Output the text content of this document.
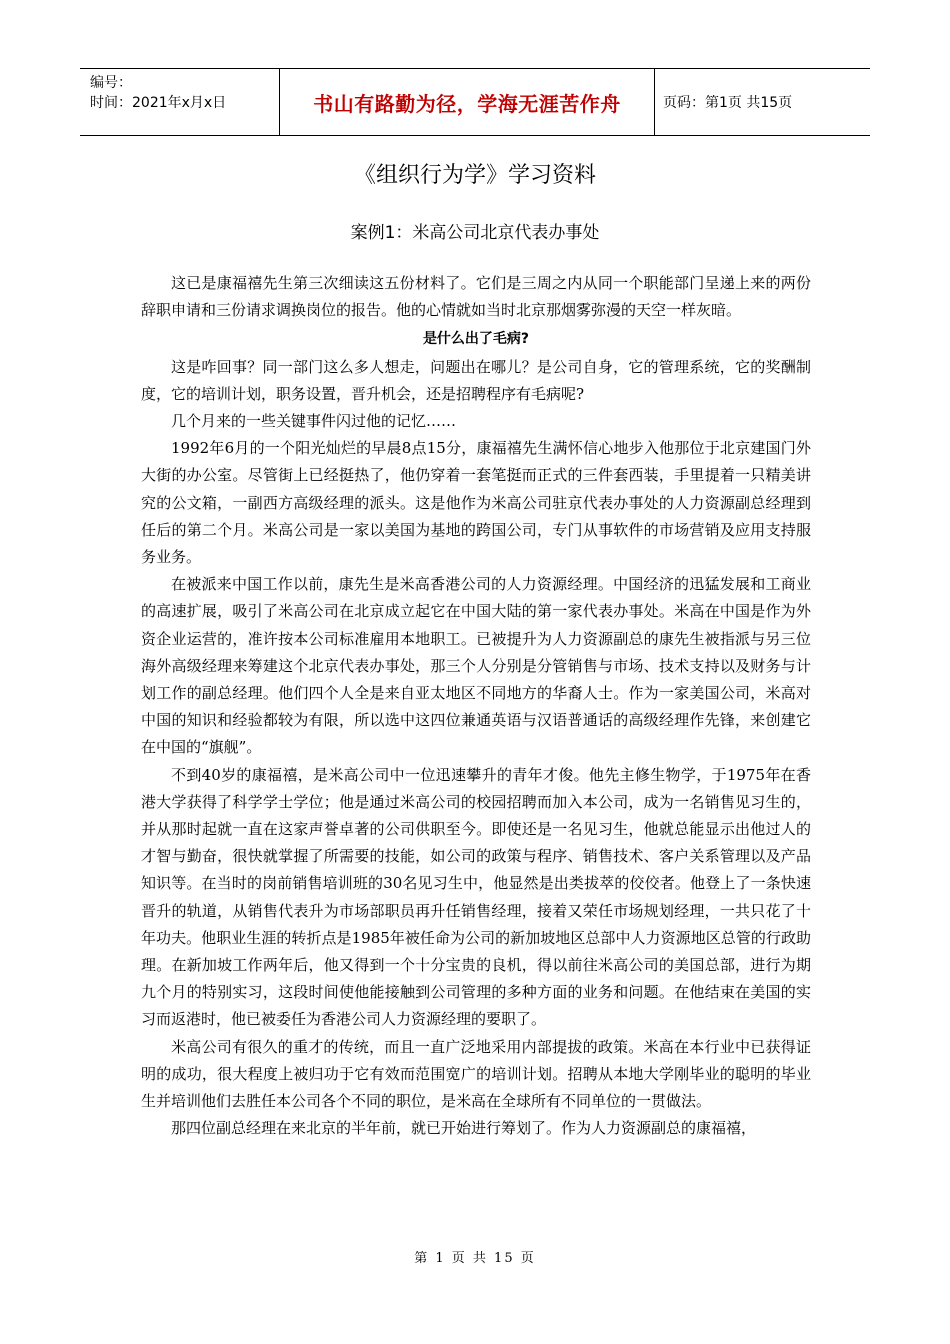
编号：
时间：2021年x月x日	书山有路勤为径，学海无涯苦作舟	页码：第1页 共15页
《组织行为学》学习资料
案例1：米高公司北京代表办事处

这已是康福禧先生第三次细读这五份材料了。它们是三周之内从同一个职能部门呈递上来的两份辞职申请和三份请求调换岗位的报告。他的心情就如当时北京那烟雾弥漫的天空一样灰暗。

是什么出了毛病?

这是咋回事？同一部门这么多人想走，问题出在哪儿？是公司自身，它的管理系统，它的奖酬制度，它的培训计划，职务设置，晋升机会，还是招聘程序有毛病呢?

几个月来的一些关键事件闪过他的记忆……

1992年6月的一个阳光灿烂的早晨8点15分，康福禧先生满怀信心地步入他那位于北京建国门外大街的办公室。尽管街上已经挺热了，他仍穿着一套笔挺而正式的三件套西装，手里提着一只精美讲究的公文箱，一副西方高级经理的派头。这是他作为米高公司驻京代表办事处的人力资源副总经理到任后的第二个月。米高公司是一家以美国为基地的跨国公司，专门从事软件的市场营销及应用支持服务业务。

在被派来中国工作以前，康先生是米高香港公司的人力资源经理。中国经济的迅猛发展和工商业的高速扩展，吸引了米高公司在北京成立起它在中国大陆的第一家代表办事处。米高在中国是作为外资企业运营的，准许按本公司标准雇用本地职工。已被提升为人力资源副总的康先生被指派与另三位海外高级经理来筹建这个北京代表办事处，那三个人分别是分管销售与市场、技术支持以及财务与计划工作的副总经理。他们四个人全是来自亚太地区不同地方的华裔人士。作为一家美国公司，米高对中国的知识和经验都较为有限，所以选中这四位兼通英语与汉语普通话的高级经理作先锋，来创建它在中国的“旗舰”。

不到40岁的康福禧，是米高公司中一位迅速攀升的青年才俊。他先主修生物学，于1975年在香港大学获得了科学学士学位；他是通过米高公司的校园招聘而加入本公司，成为一名销售见习生的，并从那时起就一直在这家声誉卓著的公司供职至今。即使还是一名见习生，他就总能显示出他过人的才智与勤奋，很快就掌握了所需要的技能，如公司的政策与程序、销售技术、客户关系管理以及产品知识等。在当时的岗前销售培训班的30名见习生中，他显然是出类拔萃的佼佼者。他登上了一条快速晋升的轨道，从销售代表升为市场部职员再升任销售经理，接着又荣任市场规划经理，一共只花了十年功夫。他职业生涯的转折点是1985年被任命为公司的新加坡地区总部中人力资源地区总管的行政助理。在新加坡工作两年后，他又得到一个十分宝贵的良机，得以前往米高公司的美国总部，进行为期九个月的特别实习，这段时间使他能接触到公司管理的多种方面的业务和问题。在他结束在美国的实习而返港时，他已被委任为香港公司人力资源经理的要职了。

米高公司有很久的重才的传统，而且一直广泛地采用内部提拔的政策。米高在本行业中已获得证明的成功，很大程度上被归功于它有效而范围宽广的培训计划。招聘从本地大学刚毕业的聪明的毕业生并培训他们去胜任本公司各个不同的职位，是米高在全球所有不同单位的一贯做法。

那四位副总经理在来北京的半年前，就已开始进行筹划了。作为人力资源副总的康福禧，

第 1 页 共 15 页
